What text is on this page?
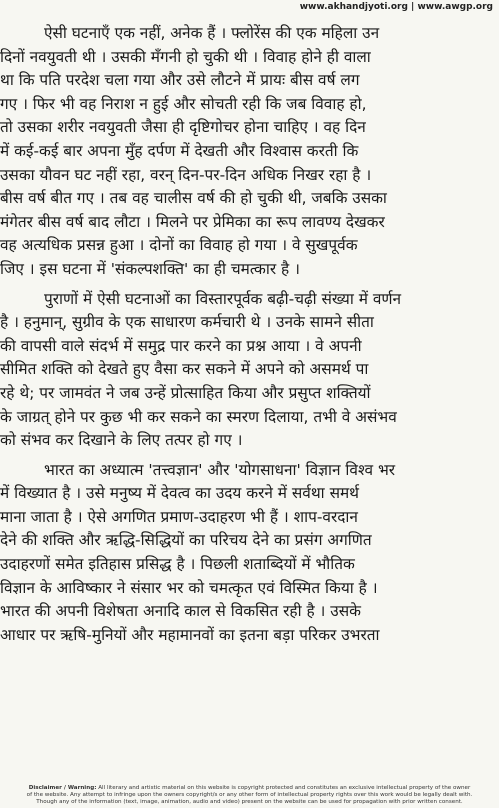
www.akhandjyoti.org | www.awgp.org

ऐसी घटनाएँ एक नहीं, अनेक हैं । फ्लोरेंस की एक महिला उन
दिनों नवयुवती थी । उसकी मँगनी हो चुकी थी । विवाह होने ही वाला
था कि पति परदेश चला गया और उसे लौटने में प्रायः बीस वर्ष लग
गए । फिर भी वह निराश न हुई और सोचती रही कि जब विवाह हो,
तो उसका शरीर नवयुवती जैसा ही दृष्टिगोचर होना चाहिए । वह दिन
में कई-कई बार अपना मुँह दर्पण में देखती और विश्वास करती कि
उसका यौवन घट नहीं रहा, वरन् दिन-पर-दिन अधिक निखर रहा है ।
बीस वर्ष बीत गए । तब वह चालीस वर्ष की हो चुकी थी, जबकि उसका
मंगेतर बीस वर्ष बाद लौटा । मिलने पर प्रेमिका का रूप लावण्य देखकर
वह अत्यधिक प्रसन्न हुआ । दोनों का विवाह हो गया । वे सुखपूर्वक
जिए । इस घटना में 'संकल्पशक्ति' का ही चमत्कार है ।

पुराणों में ऐसी घटनाओं का विस्तारपूर्वक बढ़ी-चढ़ी संख्या में वर्णन
है । हनुमान्, सुग्रीव के एक साधारण कर्मचारी थे । उनके सामने सीता
की वापसी वाले संदर्भ में समुद्र पार करने का प्रश्न आया । वे अपनी
सीमित शक्ति को देखते हुए वैसा कर सकने में अपने को असमर्थ पा
रहे थे; पर जामवंत ने जब उन्हें प्रोत्साहित किया और प्रसुप्त शक्तियों
के जाग्रत् होने पर कुछ भी कर सकने का स्मरण दिलाया, तभी वे असंभव
को संभव कर दिखाने के लिए तत्पर हो गए ।

भारत का अध्यात्म 'तत्त्वज्ञान' और 'योगसाधना' विज्ञान विश्व भर
में विख्यात है । उसे मनुष्य में देवत्व का उदय करने में सर्वथा समर्थ
माना जाता है । ऐसे अगणित प्रमाण-उदाहरण भी हैं । शाप-वरदान
देने की शक्ति और ऋद्धि-सिद्धियों का परिचय देने का प्रसंग अगणित
उदाहरणों समेत इतिहास प्रसिद्ध है । पिछली शताब्दियों में भौतिक
विज्ञान के आविष्कार ने संसार भर को चमत्कृत एवं विस्मित किया है ।
भारत की अपनी विशेषता अनादि काल से विकसित रही है । उसके
आधार पर ऋषि-मुनियों और महामानवों का इतना बड़ा परिकर उभरता

Disclaimer / Warning: All literary and artistic material on this website is copyright protected and constitutes an exclusive intellectual property of the owner
of the website. Any attempt to infringe upon the owners copyright/s or any other form of intellectual property rights over this work would be legally dealt with.
Though any of the information (text, image, animation, audio and video) present on the website can be used for propagation with prior written consent.
